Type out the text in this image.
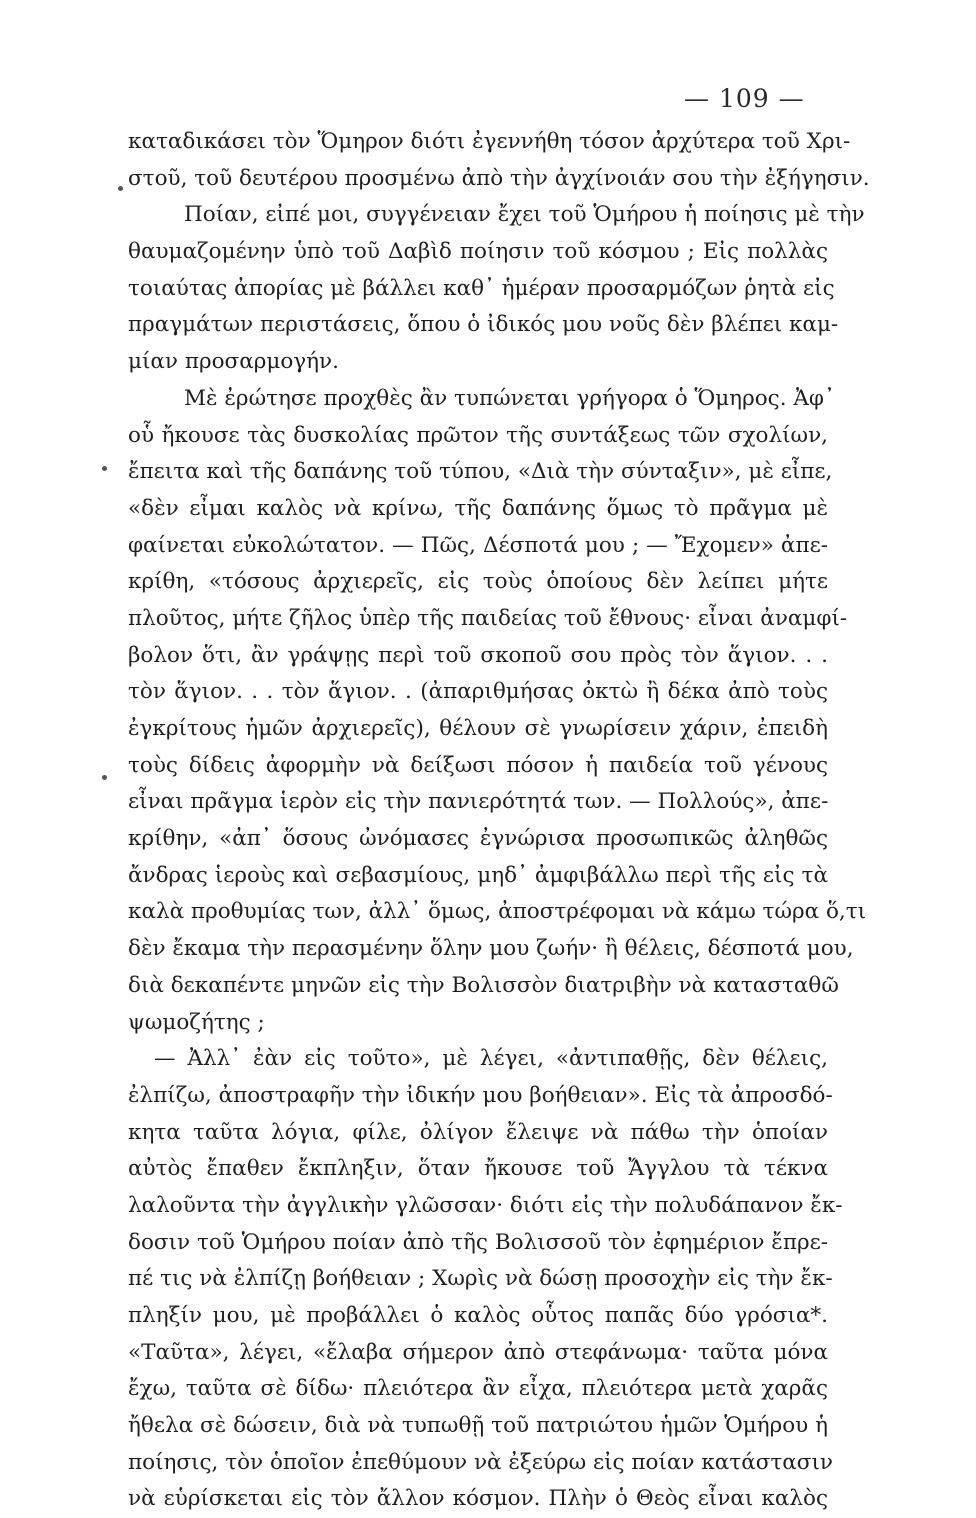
— 109 —
καταδικάσει τὸν Ὅμηρον διότι ἐγεννήθη τόσον ἀρχύτερα τοῦ Χρι-
στοῦ, τοῦ δευτέρου προσμένω ἀπὸ τὴν ἀγχίνοιάν σου τὴν ἐξήγησιν.
Ποίαν, εἰπέ μοι, συγγένειαν ἔχει τοῦ Ὁμήρου ἡ ποίησις μὲ τὴν
θαυμαζομένην ὑπὸ τοῦ Δαβὶδ ποίησιν τοῦ κόσμου ; Εἰς πολλὰς
τοιαύτας ἀπορίας μὲ βάλλει καθ᾽ ἡμέραν προσαρμόζων ῥητὰ εἰς
πραγμάτων περιστάσεις, ὅπου ὁ ἰδικός μου νοῦς δὲν βλέπει καμ-
μίαν προσαρμογήν.
Μὲ ἐρώτησε προχθὲς ἂν τυπώνεται γρήγορα ὁ Ὅμηρος. Ἀφ᾽
οὗ ἤκουσε τὰς δυσκολίας πρῶτον τῆς συντάξεως τῶν σχολίων,
ἔπειτα καὶ τῆς δαπάνης τοῦ τύπου, «Διὰ τὴν σύνταξιν», μὲ εἶπε,
«δὲν εἶμαι καλὸς νὰ κρίνω, τῆς δαπάνης ὅμως τὸ πρᾶγμα μὲ
φαίνεται εὐκολώτατον. — Πῶς, Δέσποτά μου ; — Ἔχομεν» ἀπε-
κρίθη, «τόσους ἀρχιερεῖς, εἰς τοὺς ὁποίους δὲν λείπει μήτε
πλοῦτος, μήτε ζῆλος ὑπὲρ τῆς παιδείας τοῦ ἔθνους· εἶναι ἀναμφί-
βολον ὅτι, ἂν γράψῃς περὶ τοῦ σκοποῦ σου πρὸς τὸν ἅγιον. . .
τὸν ἅγιον. . . τὸν ἅγιον. . (ἀπαριθμήσας ὀκτὼ ἢ δέκα ἀπὸ τοὺς
ἐγκρίτους ἡμῶν ἀρχιερεῖς), θέλουν σὲ γνωρίσειν χάριν, ἐπειδὴ
τοὺς δίδεις ἀφορμὴν νὰ δείξωσι πόσον ἡ παιδεία τοῦ γένους
εἶναι πρᾶγμα ἱερὸν εἰς τὴν πανιερότητά των. — Πολλούς», ἀπε-
κρίθην, «ἀπ᾽ ὅσους ὠνόμασες ἐγνώρισα προσωπικῶς ἀληθῶς
ἄνδρας ἱεροὺς καὶ σεβασμίους, μηδ᾽ ἀμφιβάλλω περὶ τῆς εἰς τὰ
καλὰ προθυμίας των, ἀλλ᾽ ὅμως, ἀποστρέφομαι νὰ κάμω τώρα ὅ,τι
δὲν ἔκαμα τὴν περασμένην ὅλην μου ζωήν· ἢ θέλεις, δέσποτά μου,
διὰ δεκαπέντε μηνῶν εἰς τὴν Βολισσὸν διατριβὴν νὰ κατασταθῶ
ψωμοζήτης ;
— Ἀλλ᾽ ἐὰν εἰς τοῦτο», μὲ λέγει, «ἀντιπαθῇς, δὲν θέλεις,
ἐλπίζω, ἀποστραφῆν τὴν ἰδικήν μου βοήθειαν». Εἰς τὰ ἀπροσδό-
κητα ταῦτα λόγια, φίλε, ὀλίγον ἔλειψε νὰ πάθω τὴν ὁποίαν
αὐτὸς ἔπαθεν ἔκπληξιν, ὅταν ἤκουσε τοῦ Ἄγγλου τὰ τέκνα
λαλοῦντα τὴν ἀγγλικὴν γλῶσσαν· διότι εἰς τὴν πολυδάπανον ἔκ-
δοσιν τοῦ Ὁμήρου ποίαν ἀπὸ τῆς Βολισσοῦ τὸν ἐφημέριον ἔπρε-
πέ τις νὰ ἐλπίζῃ βοήθειαν ; Χωρὶς νὰ δώσῃ προσοχὴν εἰς τὴν ἔκ-
πληξίν μου, μὲ προβάλλει ὁ καλὸς οὗτος παπᾶς δύο γρόσια*.
«Ταῦτα», λέγει, «ἔλαβα σήμερον ἀπὸ στεφάνωμα· ταῦτα μόνα
ἔχω, ταῦτα σὲ δίδω· πλειότερα ἂν εἶχα, πλειότερα μετὰ χαρᾶς
ἤθελα σὲ δώσειν, διὰ νὰ τυπωθῇ τοῦ πατριώτου ἡμῶν Ὁμήρου ἡ
ποίησις, τὸν ὁποῖον ἐπεθύμουν νὰ ἐξεύρω εἰς ποίαν κατάστασιν
νὰ εὑρίσκεται εἰς τὸν ἄλλον κόσμον. Πλὴν ὁ Θεὸς εἶναι καλὸς
